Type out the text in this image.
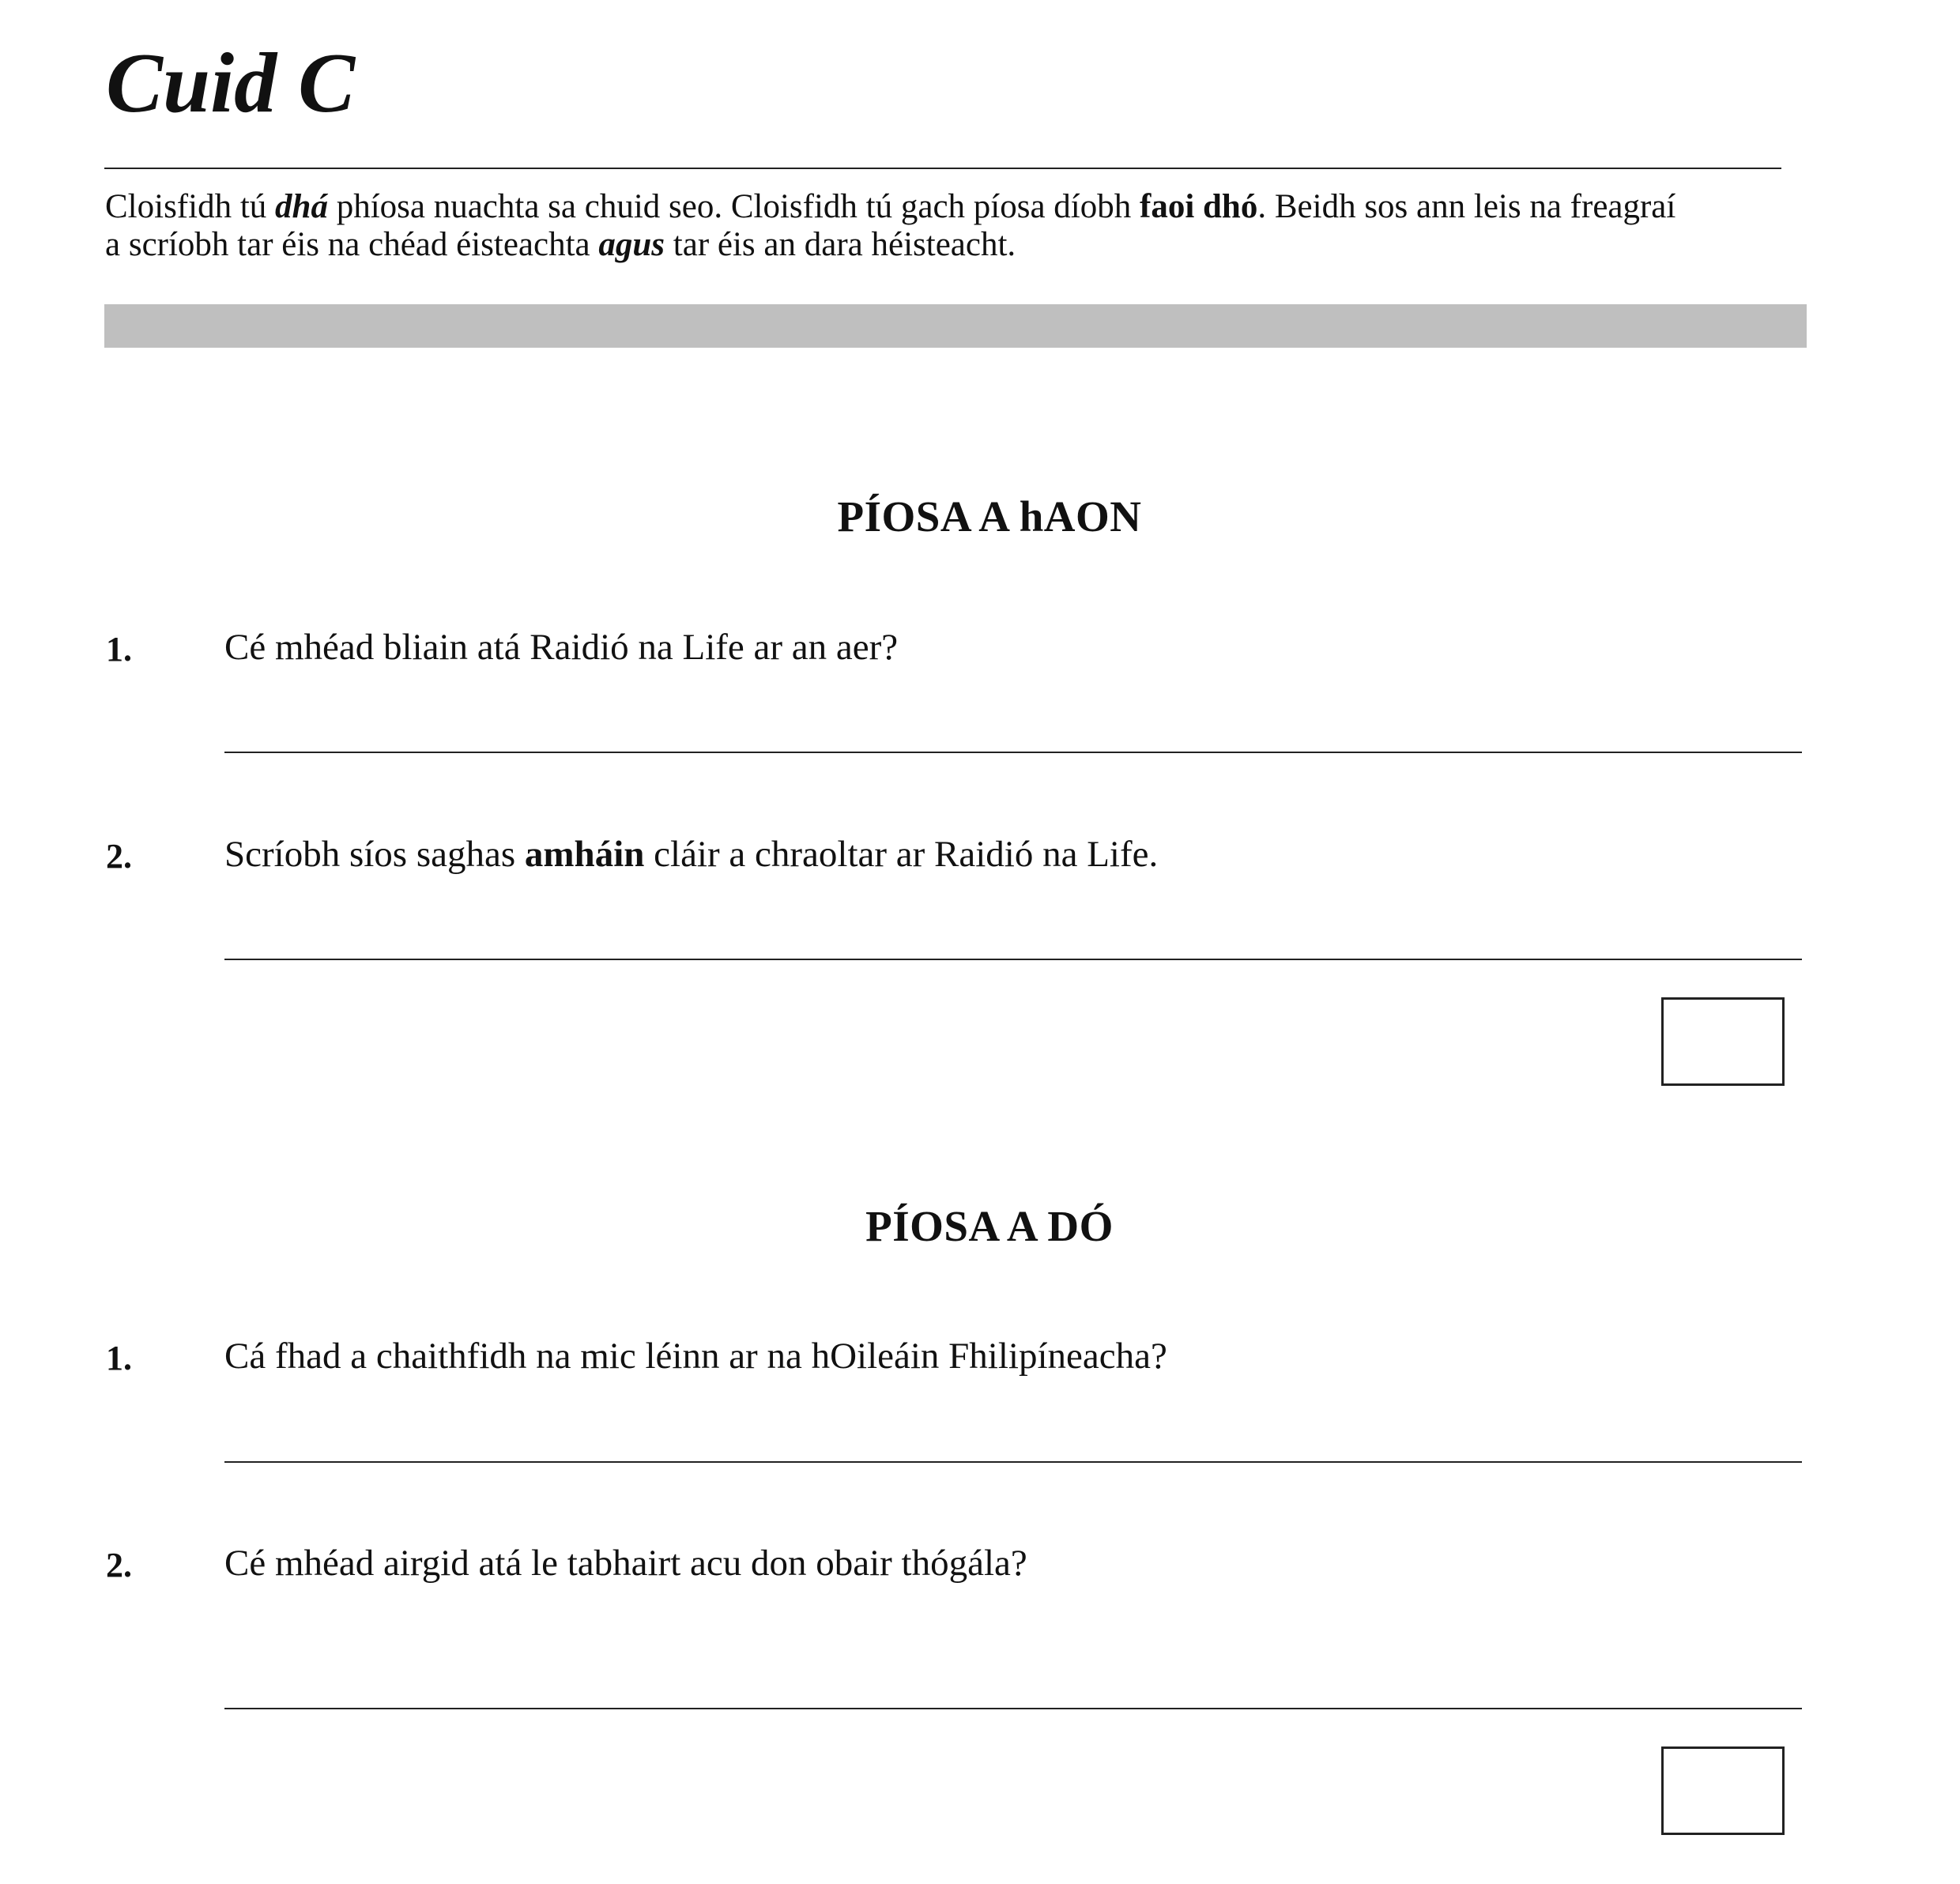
Cuid C

Cloisfidh tú dhá phíosa nuachta sa chuid seo. Cloisfidh tú gach píosa díobh faoi dhó. Beidh sos ann leis na freagraí

a scríobh tar éis na chéad éisteachta agus tar éis an dara héisteacht.

PÍOSA A hAON
1. Cé mhéad bliain atá Raidió na Life ar an aer?
2. Scríobh síos saghas amháin cláir a chraoltar ar Raidió na Life.
PÍOSA A DÓ
1. Cá fhad a chaithfidh na mic léinn ar na hOileáin Fhilipíneacha?
2. Cé mhéad airgid atá le tabhairt acu don obair thógála?
